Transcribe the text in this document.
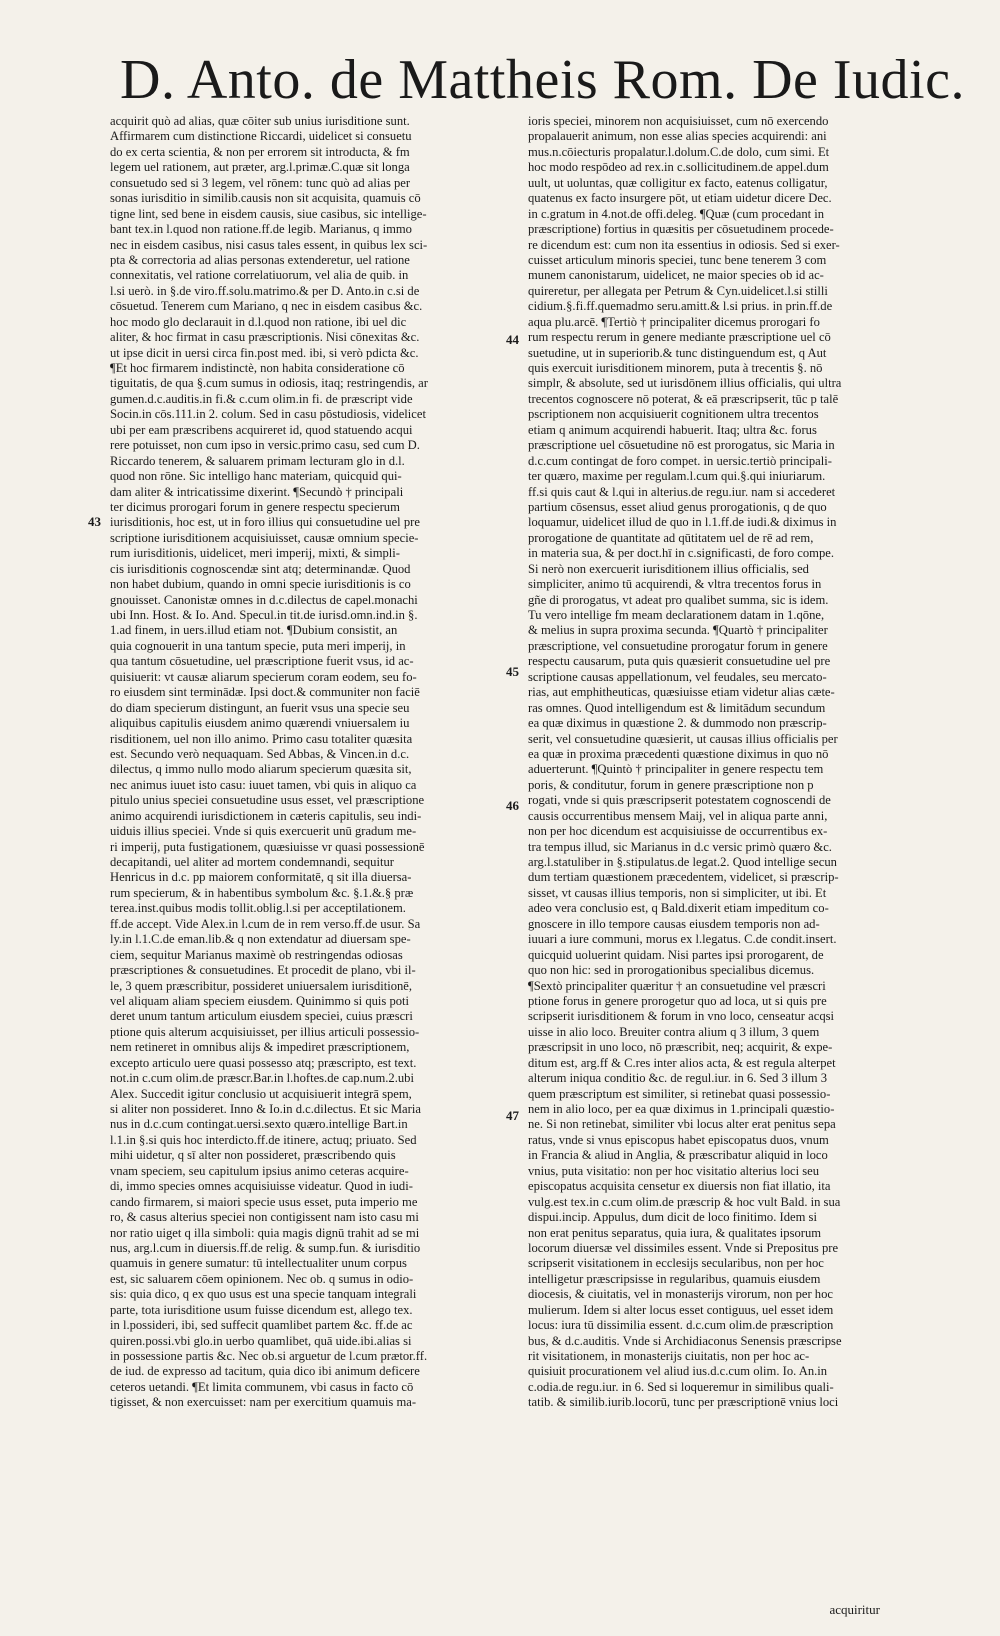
D. Anto. de Mattheis Rom. De Iudic.
acquirit quò ad alias, quæ cōiter sub unius iurisditione sunt.
Affirmarem cum distinctione Riccardi, uidelicet si consuetu
do ex certa scientia, & non per errorem sit introducta, & fm
legem uel rationem, aut præter, arg.l.primæ.C.quæ sit longa
consuetudo sed si 3 legem, vel rōnem: tunc quò ad alias per
sonas iurisditio in similib.causis non sit acquisita, quamuis cō
tigne lint, sed bene in eisdem causis, siue casibus, sic intellige-
bant tex.in l.quod non ratione.ff.de legib. Marianus, q immo
nec in eisdem casibus, nisi casus tales essent, in quibus lex sci-
pta & correctoria ad alias personas extenderetur, uel ratione
connexitatis, vel ratione correlatiuorum, vel alia de quib. in
l.si uerò. in §.de viro.ff.solu.matrimo.& per D. Anto.in c.si de
cōsuetud. Tenerem cum Mariano, q nec in eisdem casibus &c.
hoc modo glo declarauit in d.l.quod non ratione, ibi uel dic
aliter, & hoc firmat in casu præscriptionis. Nisi cōnexitas &c.
ut ipse dicit in uersi circa fin.post med. ibi, si verò pdicta &c.
¶Et hoc firmarem indistinctè, non habita consideratione cō
tiguitatis, de qua §.cum sumus in odiosis, itaq; restringendis, ar
gumen.d.c.auditis.in fi.& c.cum olim.in fi. de præscript vide
Socin.in cōs.111.in 2. colum. Sed in casu pōstudiosis, videlicet
ubi per eam præscribens acquireret id, quod statuendo acqui
rere potuisset, non cum ipso in versic.primo casu, sed cum D.
Riccardo tenerem, & saluarem primam lecturam glo in d.l.
quod non rōne. Sic intelligo hanc materiam, quicquid qui-
dam aliter & intricatissime dixerint. ¶Secundò † principali
ter dicimus prorogari forum in genere respectu specierum
iurisditionis, hoc est, ut in foro illius qui consuetudine uel pre
scriptione iurisditionem acquisiuisset, causæ omnium specie-
rum iurisditionis, uidelicet, meri imperij, mixti, & simpli-
cis iurisditionis cognoscendæ sint atq; determinandæ. Quod
non habet dubium, quando in omni specie iurisditionis is co
gnouisset. Canonistæ omnes in d.c.dilectus de capel.monachi
ubi Inn. Host. & Io. And. Specul.in tit.de iurisd.omn.ind.in §.
1.ad finem, in uers.illud etiam not. ¶Dubium consistit, an
quia cognouerit in una tantum specie, puta meri imperij, in
qua tantum cōsuetudine, uel præscriptione fuerit vsus, id ac-
quisiuerit: vt causæ aliarum specierum coram eodem, seu fo-
ro eiusdem sint terminādæ. Ipsi doct.& communiter non faciē
do diam specierum distingunt, an fuerit vsus una specie seu
aliquibus capitulis eiusdem animo quærendi vniuersalem iu
risditionem, uel non illo animo. Primo casu totaliter quæsita
est. Secundo verò nequaquam. Sed Abbas, & Vincen.in d.c.
dilectus, q immo nullo modo aliarum specierum quæsita sit,
nec animus iuuet isto casu: iuuet tamen, vbi quis in aliquo ca
pitulo unius speciei consuetudine usus esset, vel præscriptione
animo acquirendi iurisdictionem in cæteris capitulis, seu indi-
uiduis illius speciei. Vnde si quis exercuerit unū gradum me-
ri imperij, puta fustigationem, quæsiuisse vr quasi possessionē
decapitandi, uel aliter ad mortem condemnandi, sequitur
Henricus in d.c. pp maiorem conformitatē, q sit illa diuersa-
rum specierum, & in habentibus symbolum &c. §.1.&.§ præ
terea.inst.quibus modis tollit.oblig.l.si per acceptilationem.
ff.de accept. Vide Alex.in l.cum de in rem verso.ff.de usur. Sa
ly.in l.1.C.de eman.lib.& q non extendatur ad diuersam spe-
ciem, sequitur Marianus maximè ob restringendas odiosas
præscriptiones & consuetudines. Et procedit de plano, vbi il-
le, 3 quem præscribitur, possideret uniuersalem iurisditionē,
vel aliquam aliam speciem eiusdem. Quinimmo si quis poti
deret unum tantum articulum eiusdem speciei, cuius præscri
ptione quis alterum acquisiuisset, per illius articuli possessio-
nem retineret in omnibus alijs & impediret præscriptionem,
excepto articulo uere quasi possesso atq; præscripto, est text.
not.in c.cum olim.de præscr.Bar.in l.hoftes.de cap.num.2.ubi
Alex. Succedit igitur conclusio ut acquisiuerit integrā spem,
si aliter non possideret. Inno & Io.in d.c.dilectus. Et sic Maria
nus in d.c.cum contingat.uersi.sexto quæro.intellige Bart.in
l.1.in §.si quis hoc interdicto.ff.de itinere, actuq; priuato. Sed
mihi uidetur, q sī alter non possideret, præscribendo quis
vnam speciem, seu capitulum ipsius animo ceteras acquire-
di, immo species omnes acquisiuisse videatur. Quod in iudi-
cando firmarem, si maiori specie usus esset, puta imperio me
ro, & casus alterius speciei non contigissent nam isto casu mi
nor ratio uiget q illa simboli: quia magis dignū trahit ad se mi
nus, arg.l.cum in diuersis.ff.de relig. & sump.fun. & iurisditio
quamuis in genere sumatur: tū intellectualiter unum corpus
est, sic saluarem cōem opinionem. Nec ob. q sumus in odio-
sis: quia dico, q ex quo usus est una specie tanquam integrali
parte, tota iurisditione usum fuisse dicendum est, allego tex.
in l.possideri, ibi, sed suffecit quamlibet partem &c. ff.de ac
quiren.possi.vbi glo.in uerbo quamlibet, quā uide.ibi.alias si
in possessione partis &c. Nec ob.si arguetur de l.cum prætor.ff.
de iud. de expresso ad tacitum, quia dico ibi animum deficere
ceteros uetandi. ¶Et limita communem, vbi casus in facto cō
tigisset, & non exercuisset: nam per exercitium quamuis ma-
ioris speciei, minorem non acquisiuisset, cum nō exercendo
propalauerit animum, non esse alias species acquirendi: ani
mus.n.cōiecturis propalatur.l.dolum.C.de dolo, cum simi. Et
hoc modo respōdeo ad rex.in c.sollicitudinem.de appel.dum
uult, ut uoluntas, quæ colligitur ex facto, eatenus colligatur,
quatenus ex facto insurgere pōt, ut etiam uidetur dicere Dec.
in c.gratum in 4.not.de offi.deleg. ¶Quæ (cum procedant in
præscriptione) fortius in quæsitis per cōsuetudinem procede-
re dicendum est: cum non ita essentius in odiosis. Sed si exer-
cuisset articulum minoris speciei, tunc bene tenerem 3 com
munem canonistarum, uidelicet, ne maior species ob id ac-
quireretur, per allegata per Petrum & Cyn.uidelicet.l.si stilli
cidium.§.fi.ff.quemadmo seru.amitt.& l.si prius. in prin.ff.de
aqua plu.arcē. ¶Tertiò † principaliter dicemus prorogari fo
rum respectu rerum in genere mediante præscriptione uel cō
suetudine, ut in superiorib.& tunc distinguendum est, q Aut
quis exercuit iurisditionem minorem, puta à trecentis §. nō
simplr, & absolute, sed ut iurisdōnem illius officialis, qui ultra
trecentos cognoscere nō poterat, & eā præscripserit, tūc p talē
pscriptionem non acquisiuerit cognitionem ultra trecentos
etiam q animum acquirendi habuerit. Itaq; ultra &c. forus
præscriptione uel cōsuetudine nō est prorogatus, sic Maria in
d.c.cum contingat de foro compet. in uersic.tertiò principali-
ter quæro, maxime per regulam.l.cum qui.§.qui iniuriarum.
ff.si quis caut & l.qui in alterius.de regu.iur. nam si accederet
partium cōsensus, esset aliud genus prorogationis, q de quo
loquamur, uidelicet illud de quo in l.1.ff.de iudi.& diximus in
prorogatione de quantitate ad qūtitatem uel de rē ad rem,
in materia sua, & per doct.hī in c.significasti, de foro compe.
Si nerò non exercuerit iurisditionem illius officialis, sed
simpliciter, animo tū acquirendi, & vltra trecentos forus in
gñe di prorogatus, vt adeat pro qualibet summa, sic is idem.
Tu vero intellige fm meam declarationem datam in 1.qōne,
& melius in supra proxima secunda. ¶Quartò † principaliter
præscriptione, vel consuetudine prorogatur forum in genere
respectu causarum, puta quis quæsierit consuetudine uel pre
scriptione causas appellationum, vel feudales, seu mercato-
rias, aut emphitheuticas, quæsiuisse etiam videtur alias cæte-
ras omnes. Quod intelligendum est & limitādum secundum
ea quæ diximus in quæstione 2. & dummodo non præscrip-
serit, vel consuetudine quæsierit, ut causas illius officialis per
ea quæ in proxima præcedenti quæstione diximus in quo nō
aduerterunt. ¶Quintò † principaliter in genere respectu tem
poris, & conditutur, forum in genere præscriptione non p
rogati, vnde si quis præscripserit potestatem cognoscendi de
causis occurrentibus mensem Maij, vel in aliqua parte anni,
non per hoc dicendum est acquisiuisse de occurrentibus ex-
tra tempus illud, sic Marianus in d.c versic primò quæro &c.
arg.l.statuliber in §.stipulatus.de legat.2. Quod intellige secun
dum tertiam quæstionem præcedentem, videlicet, si præscrip-
sisset, vt causas illius temporis, non si simpliciter, ut ibi. Et
adeo vera conclusio est, q Bald.dixerit etiam impeditum co-
gnoscere in illo tempore causas eiusdem temporis non ad-
iuuari a iure communi, morus ex l.legatus. C.de condit.insert.
quicquid uoluerint quidam. Nisi partes ipsi prorogarent, de
quo non hic: sed in prorogationibus specialibus dicemus.
¶Sextò principaliter quæritur † an consuetudine vel præscri
ptione forus in genere prorogetur quo ad loca, ut si quis pre
scripserit iurisditionem & forum in vno loco, censeatur acqsi
uisse in alio loco. Breuiter contra alium q 3 illum, 3 quem
præscripsit in uno loco, nō præscribit, neq; acquirit, & expe-
ditum est, arg.ff & C.res inter alios acta, & est regula alterpet
alterum iniqua conditio &c. de regul.iur. in 6. Sed 3 illum 3
quem præscriptum est similiter, si retinebat quasi possessio-
nem in alio loco, per ea quæ diximus in 1.principali quæstio-
ne. Si non retinebat, similiter vbi locus alter erat penitus sepa
ratus, vnde si vnus episcopus habet episcopatus duos, vnum
in Francia & aliud in Anglia, & præscribatur aliquid in loco
vnius, puta visitatio: non per hoc visitatio alterius loci seu
episcopatus acquisita censetur ex diuersis non fiat illatio, ita
vulg.est tex.in c.cum olim.de præscrip & hoc vult Bald. in sua
dispui.incip. Appulus, dum dicit de loco finitimo. Idem si
non erat penitus separatus, quia iura, & qualitates ipsorum
locorum diuersæ vel dissimiles essent. Vnde si Prepositus pre
scripserit visitationem in ecclesijs secularibus, non per hoc
intelligetur præscripsisse in regularibus, quamuis eiusdem
diocesis, & ciuitatis, vel in monasterijs virorum, non per hoc
mulierum. Idem si alter locus esset contiguus, uel esset idem
locus: iura tū dissimilia essent. d.c.cum olim.de præscription
bus, & d.c.auditis. Vnde si Archidiaconus Senensis præscripse
rit visitationem, in monasterijs ciuitatis, non per hoc ac-
quisiuit procurationem vel aliud ius.d.c.cum olim. Io. An.in
c.odia.de regu.iur. in 6. Sed si loqueremur in similibus quali-
tatib. & similib.iurib.locorū, tunc per præscriptionē vnius loci
43
44
45
46
47
acquiritur
